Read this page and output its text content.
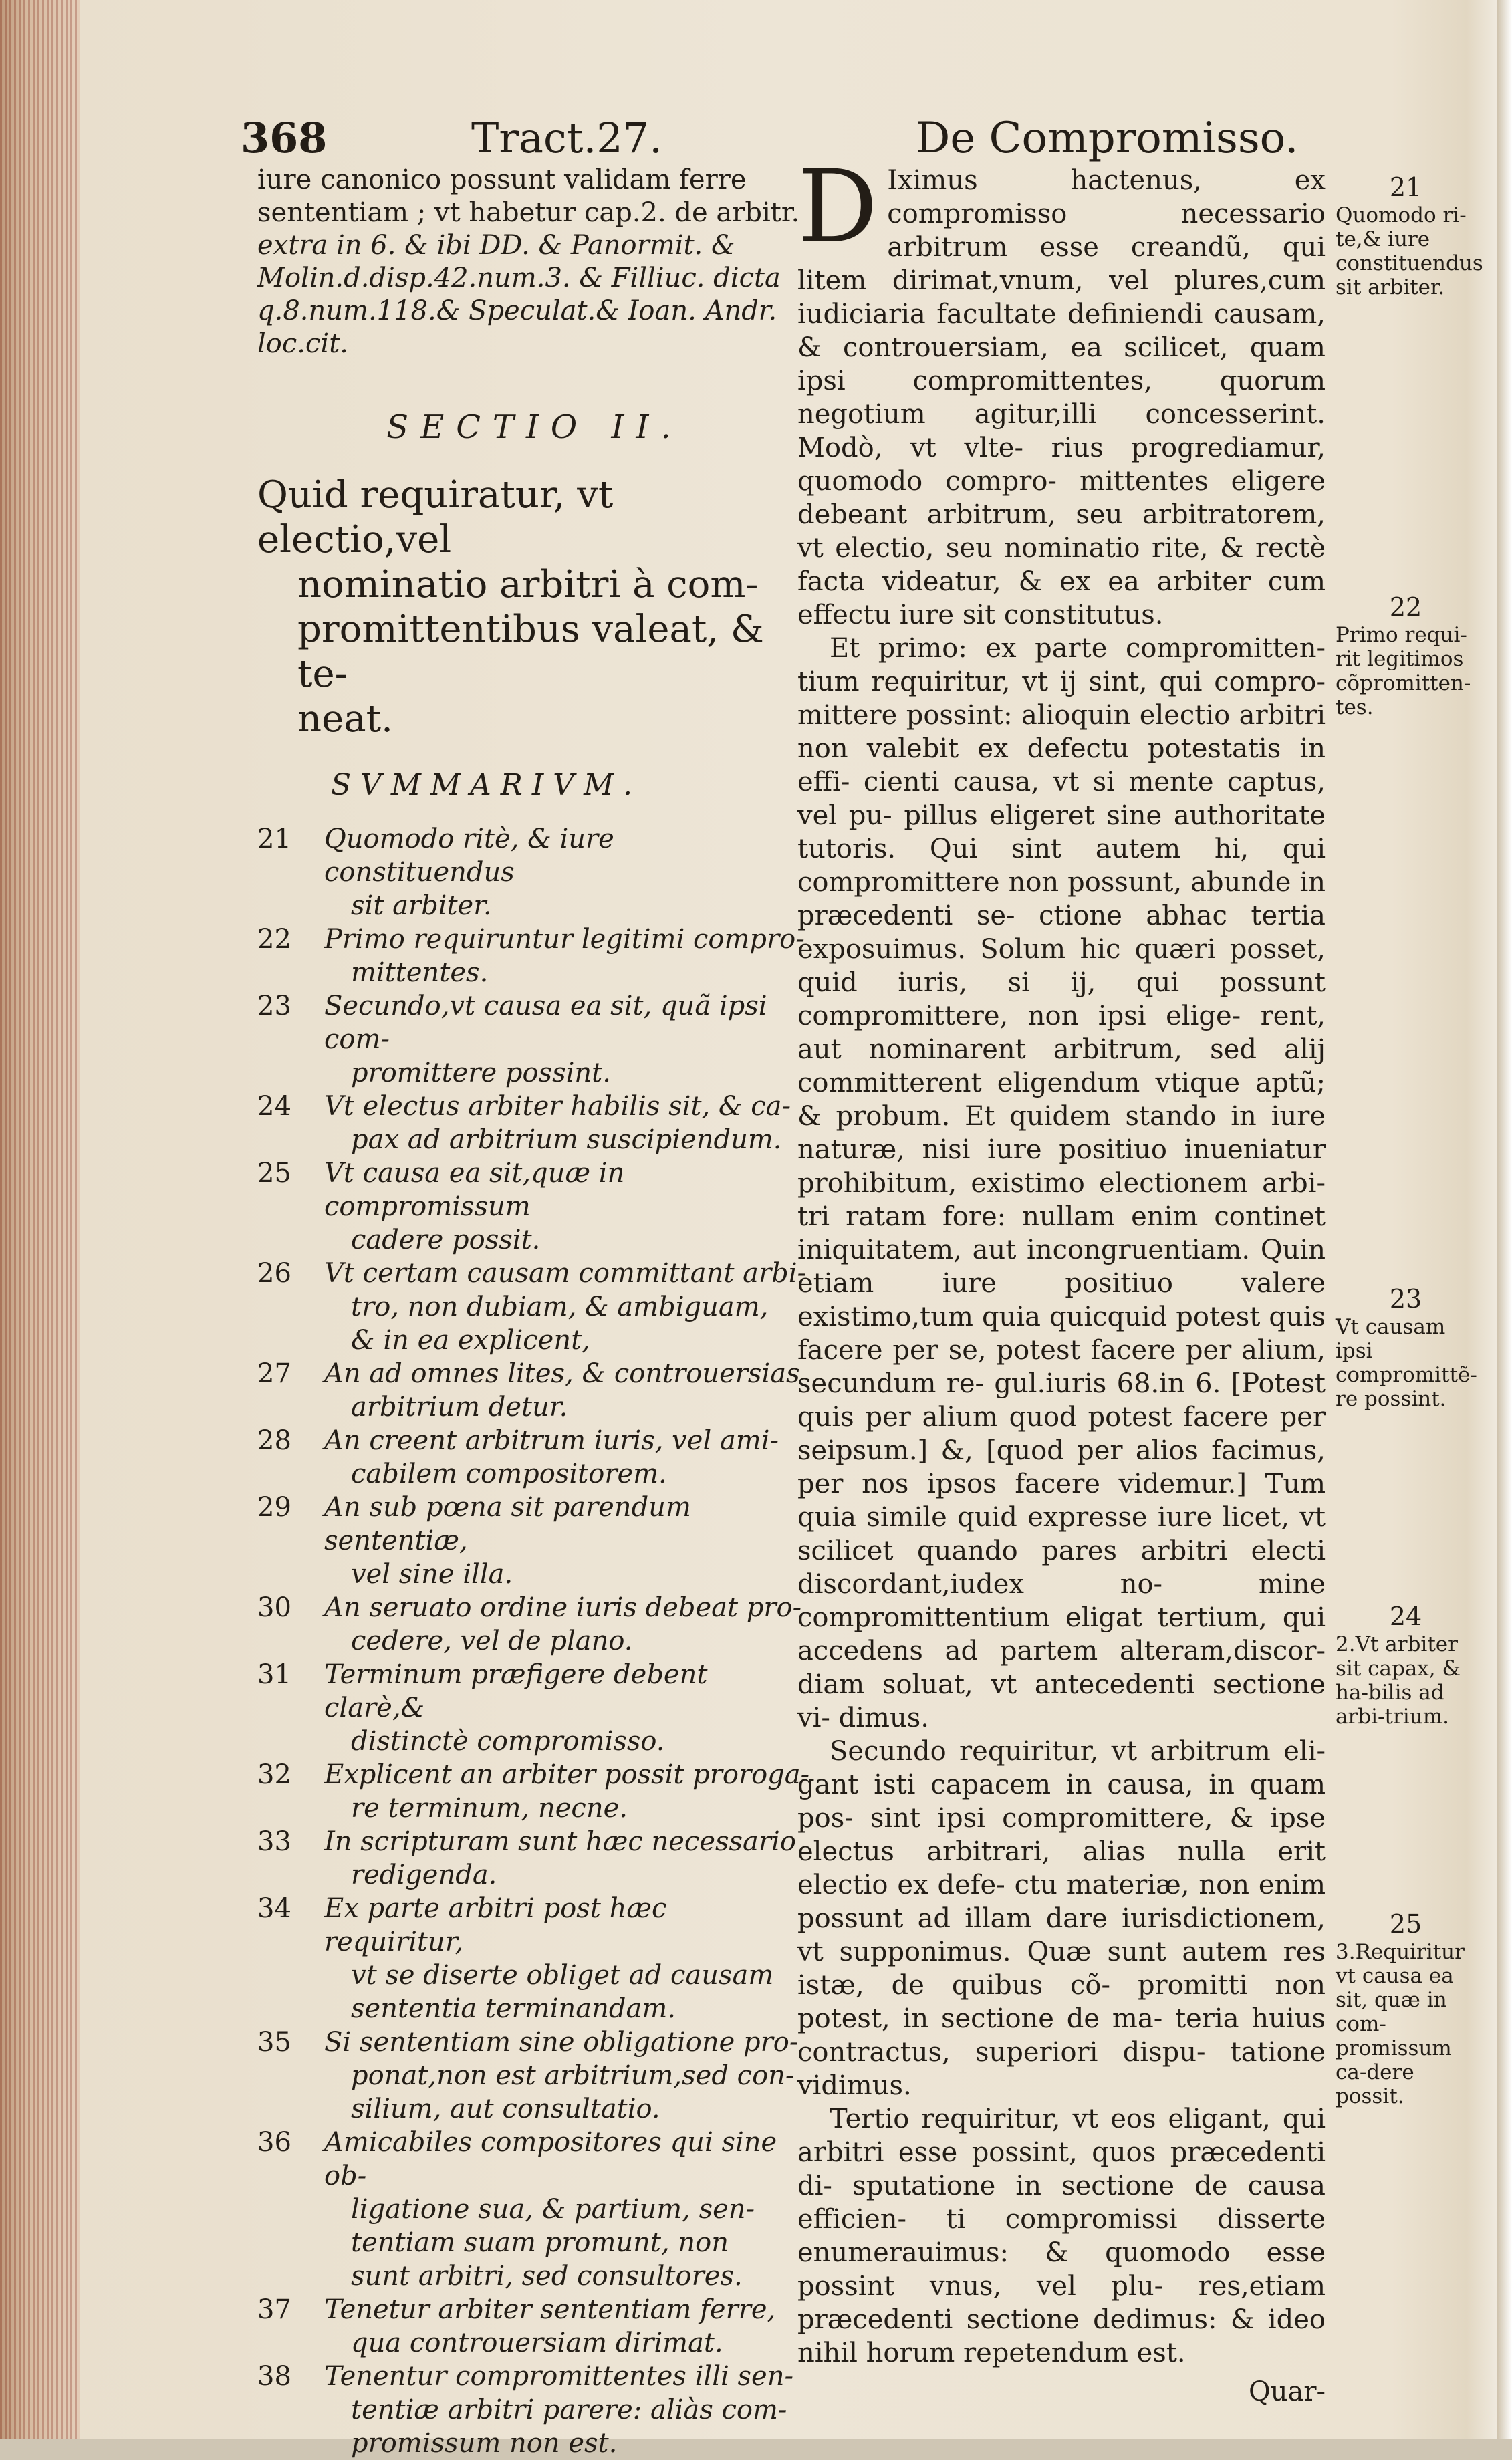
368	Tract.27.	De Compromisso.
iure canonico possunt validam ferre
sententiam ; vt habetur cap.2. de arbitr.
extra in 6. & ibi DD. & Panormit. &
Molin.d.disp.42.num.3. & Filliuc. dicta
q.8.num.118.& Speculat.& Ioan. Andr.
loc.cit.
SECTIO II.
Quid requiratur, vt electio,vel
nominatio arbitri à com-
promittentibus valeat, & te-
neat.
SVMMARIVM.
21	Quomodo ritè, & iure constituendus
sit arbiter.
22	Primo requiruntur legitimi compro-
mittentes.
23	Secundo,vt causa ea sit, quã ipsi com-
promittere possint.
24	Vt electus arbiter habilis sit, & ca-
pax ad arbitrium suscipiendum.
25	Vt causa ea sit,quæ in compromissum
cadere possit.
26	Vt certam causam committant arbi-
tro, non dubiam, & ambiguam,
& in ea explicent,
27	An ad omnes lites, & controuersias
arbitrium detur.
28	An creent arbitrum iuris, vel ami-
cabilem compositorem.
29	An sub pœna sit parendum sententiæ,
vel sine illa.
30	An seruato ordine iuris debeat pro-
cedere, vel de plano.
31	Terminum præfigere debent clarè,&
distinctè compromisso.
32	Explicent an arbiter possit proroga-
re terminum, necne.
33	In scripturam sunt hæc necessario
redigenda.
34	Ex parte arbitri post hæc requiritur,
vt se diserte obliget ad causam
sententia terminandam.
35	Si sententiam sine obligatione pro-
ponat,non est arbitrium,sed con-
silium, aut consultatio.
36	Amicabiles compositores qui sine ob-
ligatione sua, & partium, sen-
tentiam suam promunt, non
sunt arbitri, sed consultores.
37	Tenetur arbiter sententiam ferre,
qua controuersiam dirimat.
38	Tenentur compromittentes illi sen-
tentiæ arbitri parere: aliàs com-
promissum non est.

D Iximus hactenus, ex compromisso	necessario arbitrum esse creandũ, qui litem dirimat,vnum, vel plures,cum iudiciaria facultate definiendi causam, & controuersiam, ea scilicet, quam ipsi	compromittentes, quorum negotium agitur,illi concesserint. Modò, vt vlte- rius progrediamur, quomodo compro- mittentes eligere debeant arbitrum, seu arbitratorem, vt electio, seu nominatio rite, & rectè facta videatur, & ex ea arbiter cum effectu iure sit constitutus.

Et primo: ex parte compromitten- tium requiritur, vt ij sint, qui compro- mittere possint: alioquin electio arbitri non valebit ex defectu potestatis in effi- cienti causa, vt si mente captus, vel pu- pillus eligeret sine authoritate tutoris. Qui sint autem hi, qui compromittere non possunt, abunde in præcedenti se- ctione abhac tertia exposuimus. Solum hic quæri posset, quid iuris, si ij, qui possunt compromittere, non ipsi elige- rent, aut nominarent arbitrum, sed alij committerent eligendum vtique aptũ; & probum. Et quidem stando in iure naturæ, nisi iure positiuo inueniatur prohibitum, existimo electionem arbi- tri ratam fore: nullam enim continet iniquitatem, aut incongruentiam. Quin etiam iure positiuo valere existimo,tum quia quicquid potest quis facere per se, potest facere per alium, secundum re- gul.iuris 68.in 6. [Potest quis per alium quod potest facere per seipsum.] &, [quod per alios facimus, per nos ipsos facere videmur.] Tum quia simile quid expresse iure licet, vt scilicet quando pares arbitri electi discordant,iudex no-	mine compromittentium eligat tertium, qui accedens ad partem alteram,discor- diam soluat, vt antecedenti sectione vi- dimus.

Secundo requiritur, vt arbitrum eli- gant isti capacem in causa, in quam pos- sint ipsi compromittere, & ipse electus arbitrari, alias nulla erit electio ex defe- ctu materiæ, non enim possunt ad illam dare iurisdictionem, vt supponimus. Quæ sunt autem res istæ, de quibus cõ- promitti non potest, in sectione de ma- teria huius contractus, superiori dispu- tatione vidimus.

Tertio requiritur, vt eos eligant, qui arbitri esse possint, quos præcedenti di- sputatione in sectione de causa efficien- ti compromissi disserte enumerauimus: & quomodo esse possint vnus, vel plu- res,etiam præcedenti sectione dedimus: & ideo nihil horum repetendum est.

Quar-
21
Quomodo ri-te,& iure constituendus sit arbiter.
22
Primo requi-rit legitimos cõpromitten-tes.
23
Vt causam ipsi compromittẽ-re possint.
24
2.Vt arbiter sit capax, & ha-bilis ad arbi-trium.
25
3.Requiritur vt causa ea sit, quæ in com-promissum ca-dere possit.
